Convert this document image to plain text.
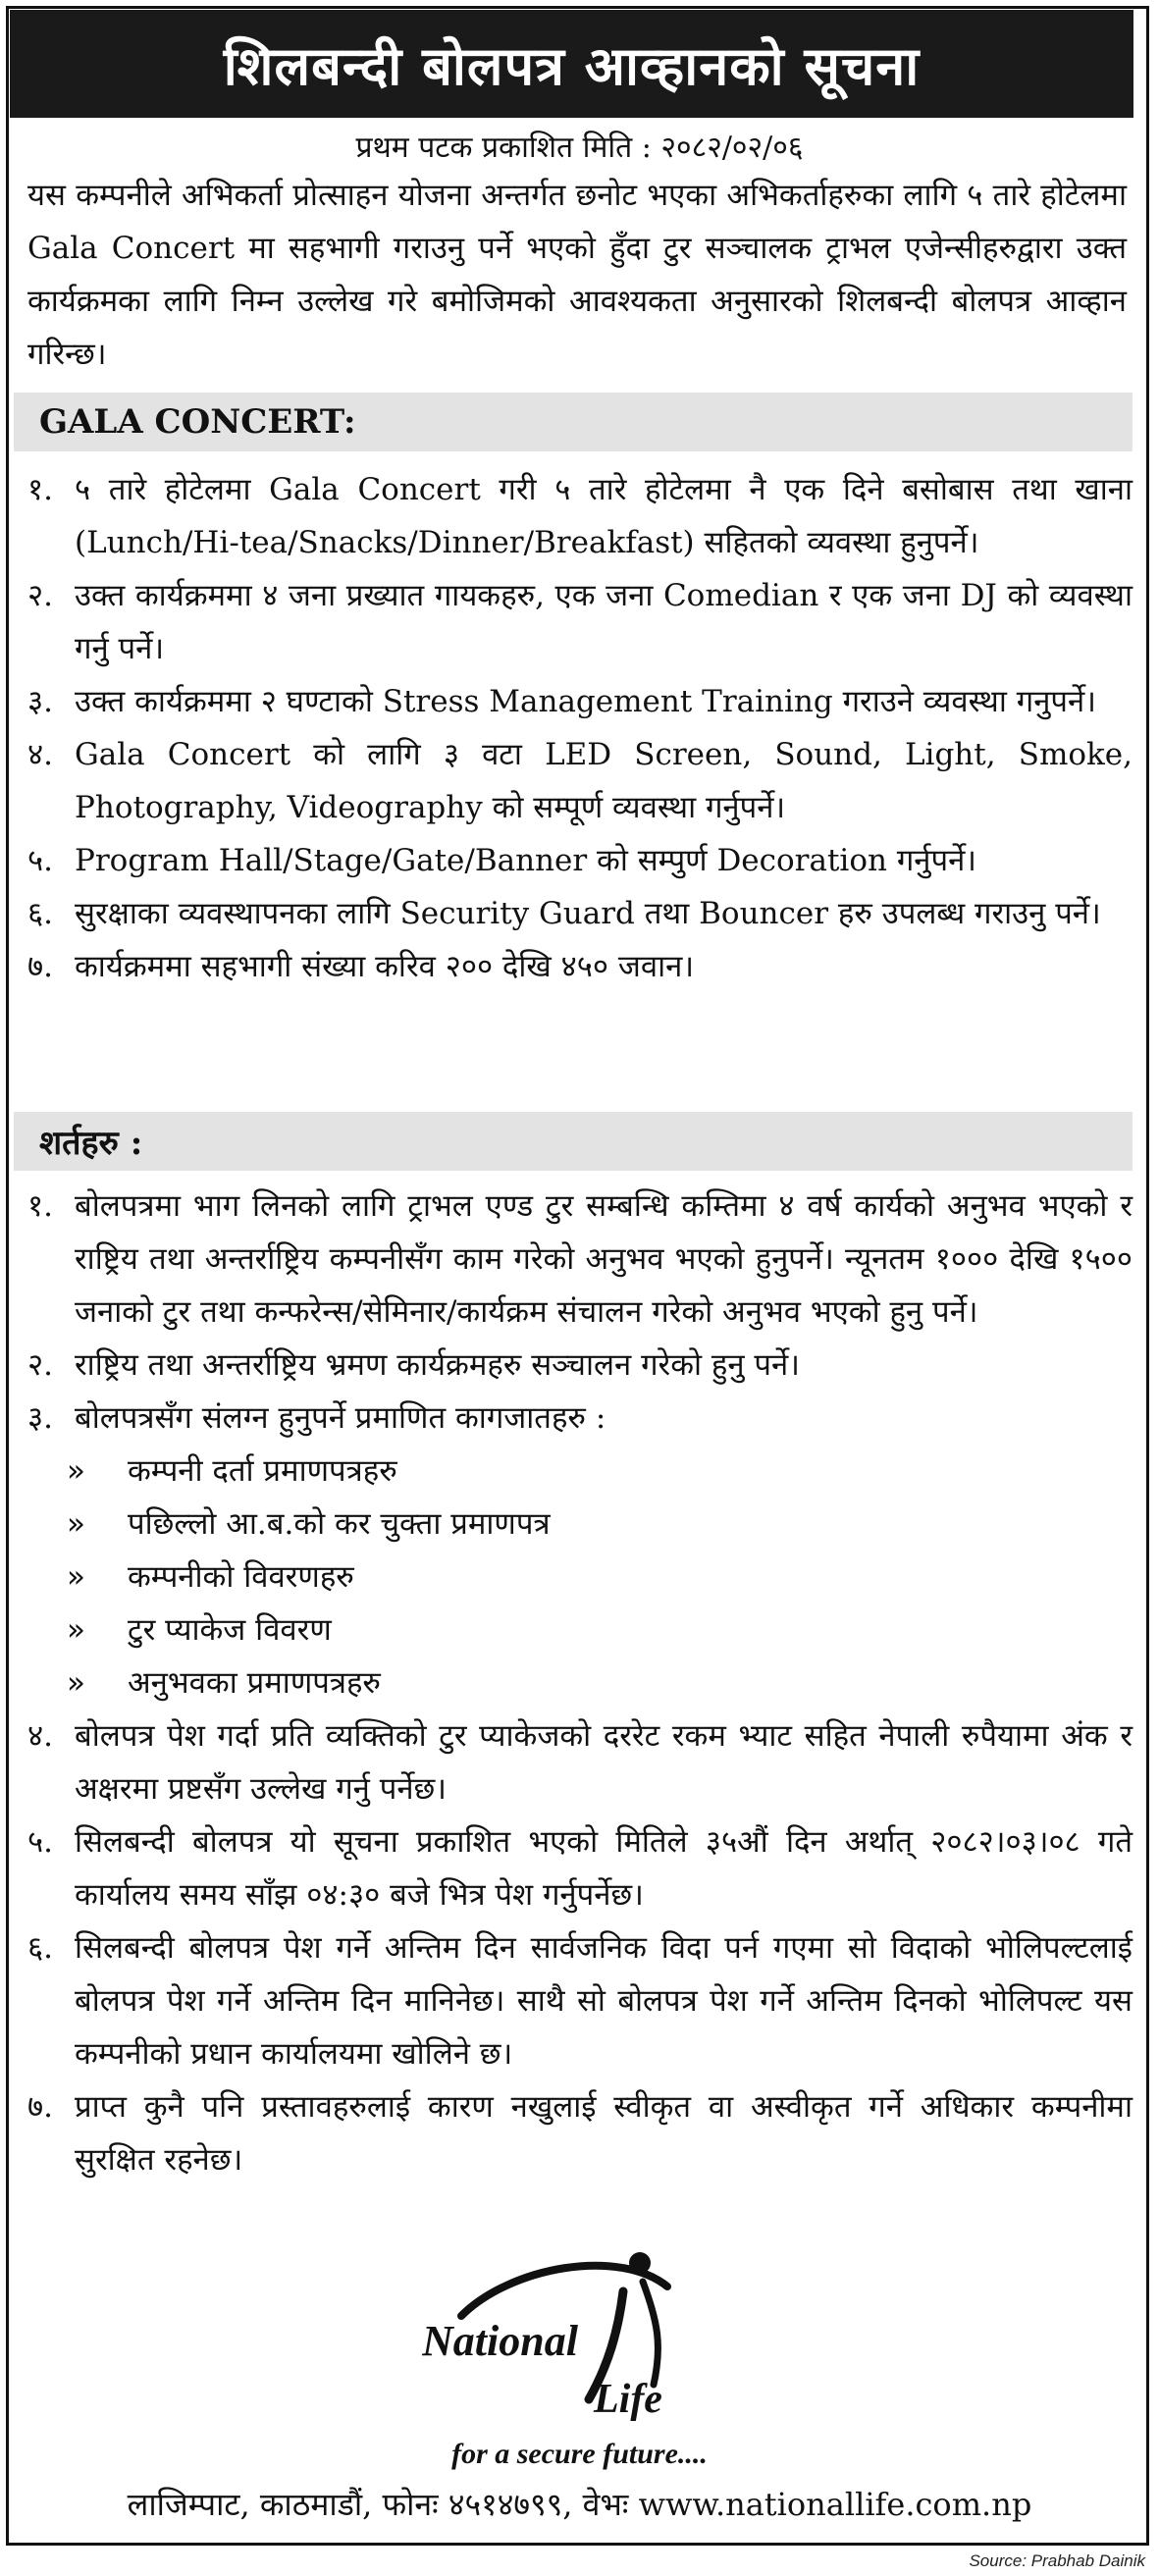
शिलबन्दी बोलपत्र आव्हानको सूचना
प्रथम पटक प्रकाशित मिति : २०८२/०२/०६
यस कम्पनीले अभिकर्ता प्रोत्साहन योजना अन्तर्गत छनोट भएका अभिकर्ताहरुका लागि ५ तारे होटेलमा Gala Concert मा सहभागी गराउनु पर्ने भएको हुँदा टुर सञ्चालक ट्राभल एजेन्सीहरुद्वारा उक्त कार्यक्रमका लागि निम्न उल्लेख गरे बमोजिमको आवश्यकता अनुसारको शिलबन्दी बोलपत्र आव्हान गरिन्छ।
GALA CONCERT:
१. ५ तारे होटेलमा Gala Concert गरी ५ तारे होटेलमा नै एक दिने बसोबास तथा खाना (Lunch/Hi-tea/Snacks/Dinner/Breakfast) सहितको व्यवस्था हुनुपर्ने।
२. उक्त कार्यक्रममा ४ जना प्रख्यात गायकहरु, एक जना Comedian र एक जना DJ को व्यवस्था गर्नु पर्ने।
३. उक्त कार्यक्रममा २ घण्टाको Stress Management Training गराउने व्यवस्था गनुपर्ने।
४. Gala Concert को लागि ३ वटा LED Screen, Sound, Light, Smoke, Photography, Videography को सम्पूर्ण व्यवस्था गर्नुपर्ने।
५. Program Hall/Stage/Gate/Banner को सम्पुर्ण Decoration गर्नुपर्ने।
६. सुरक्षाका व्यवस्थापनका लागि Security Guard तथा Bouncer हरु उपलब्ध गराउनु पर्ने।
७. कार्यक्रममा सहभागी संख्या करिव २०० देखि ४५० जवान।
शर्तहरु :
१. बोलपत्रमा भाग लिनको लागि ट्राभल एण्ड टुर सम्बन्धि कम्तिमा ४ वर्ष कार्यको अनुभव भएको र राष्ट्रिय तथा अन्तर्राष्ट्रिय कम्पनीसँग काम गरेको अनुभव भएको हुनुपर्ने। न्यूनतम १००० देखि १५०० जनाको टुर तथा कन्फरेन्स/सेमिनार/कार्यक्रम संचालन गरेको अनुभव भएको हुनु पर्ने।
२. राष्ट्रिय तथा अन्तर्राष्ट्रिय भ्रमण कार्यक्रमहरु सञ्चालन गरेको हुनु पर्ने।
३. बोलपत्रसँग संलग्न हुनुपर्ने प्रमाणित कागजातहरु :
»	कम्पनी दर्ता प्रमाणपत्रहरु
»	पछिल्लो आ.ब.को कर चुक्ता प्रमाणपत्र
»	कम्पनीको विवरणहरु
»	टुर प्याकेज विवरण
»	अनुभवका प्रमाणपत्रहरु
४. बोलपत्र पेश गर्दा प्रति व्यक्तिको टुर प्याकेजको दररेट रकम भ्याट सहित नेपाली रुपैयामा अंक र अक्षरमा प्रष्टसँग उल्लेख गर्नु पर्नेछ।
५. सिलबन्दी बोलपत्र यो सूचना प्रकाशित भएको मितिले ३५औं दिन अर्थात् २०८२।०३।०८ गते कार्यालय समय साँझ ०४:३० बजे भित्र पेश गर्नुपर्नेछ।
६. सिलबन्दी बोलपत्र पेश गर्ने अन्तिम दिन सार्वजनिक विदा पर्न गएमा सो विदाको भोलिपल्टलाई बोलपत्र पेश गर्ने अन्तिम दिन मानिनेछ। साथै सो बोलपत्र पेश गर्ने अन्तिम दिनको भोलिपल्ट यस कम्पनीको प्रधान कार्यालयमा खोलिने छ।
७. प्राप्त कुनै पनि प्रस्तावहरुलाई कारण नखुलाई स्वीकृत वा अस्वीकृत गर्ने अधिकार कम्पनीमा सुरक्षित रहनेछ।
National
Life
for a secure future....
लाजिम्पाट, काठमाडौं, फोनः ४५१४७९९, वेभः www.nationallife.com.np
Source: Prabhab Dainik
